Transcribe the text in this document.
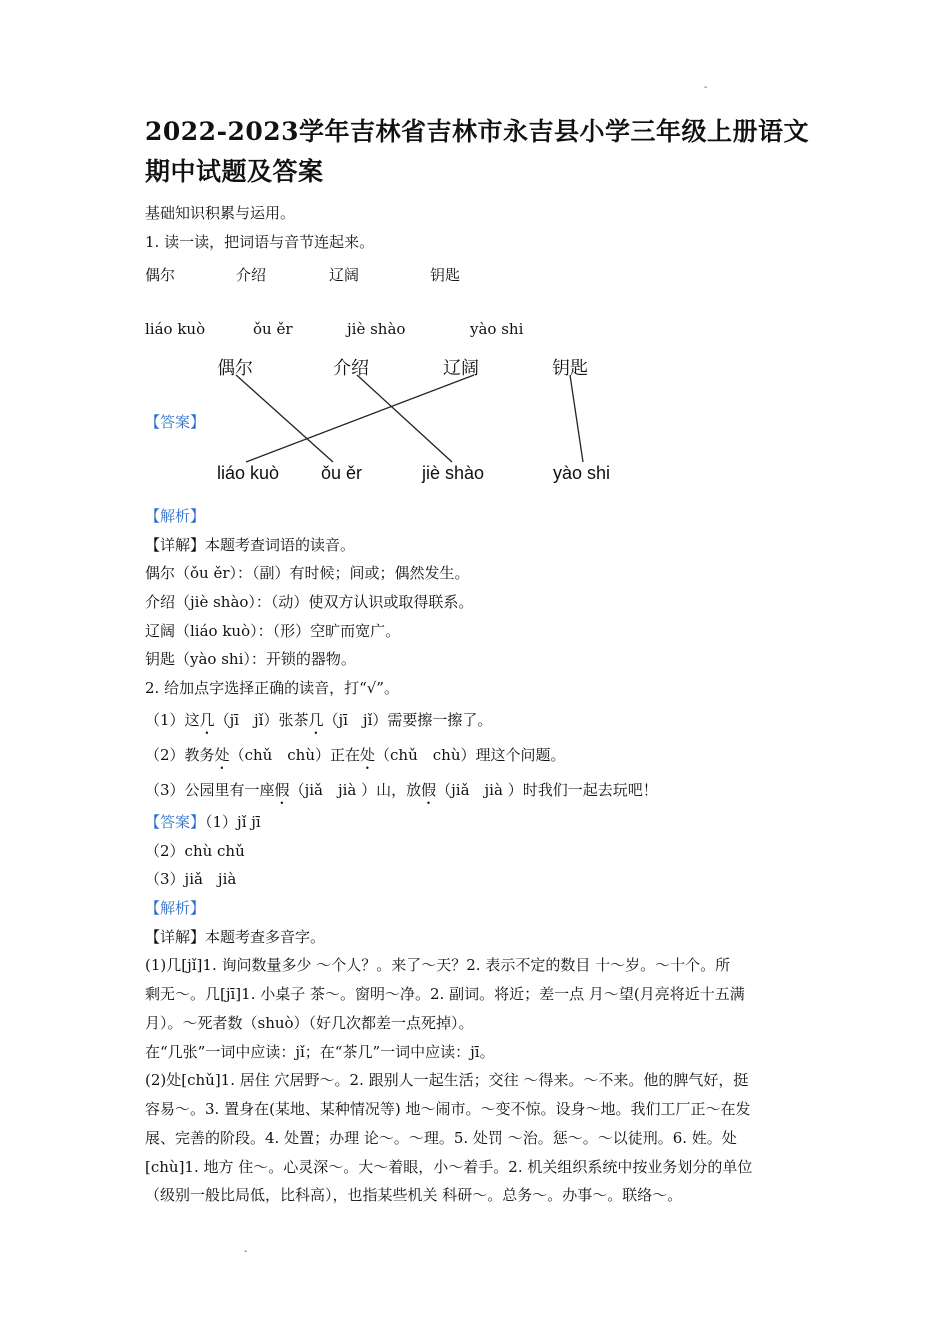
-
2022-2023学年吉林省吉林市永吉县小学三年级上册语文期中试题及答案
基础知识积累与运用。
1. 读一读，把词语与音节连起来。
偶尔	介绍	辽阔	钥匙
liáo kuò	ǒu ěr	jiè shào	yào shi
偶尔	介绍	辽阔	钥匙
liáo kuò ǒu ěr	jiè shào	yào shi
【答案】
【解析】
【详解】本题考查词语的读音。
偶尔（ǒu ěr）：（副）有时候；间或；偶然发生。
介绍（jiè shào）：（动）使双方认识或取得联系。
辽阔（liáo kuò）：（形）空旷而宽广。
钥匙（yào shi）：开锁的器物。
2. 给加点字选择正确的读音，打“√”。
（1）这几（jī　jǐ）张茶几（jī　jǐ）需要擦一擦了。
（2）教务处（chǔ　chù）正在处（chǔ　chù）理这个问题。
（3）公园里有一座假（jiǎ　jià ）山，放假（jiǎ　jià ）时我们一起去玩吧！
【答案】（1）jǐ jī
（2）chù chǔ
（3）jiǎ　jià
【解析】
【详解】本题考查多音字。
(1)几[jǐ]1. 询问数量多少 ～个人？。来了～天？2. 表示不定的数目 十～岁。～十个。所
剩无～。几[jī]1. 小桌子 茶～。窗明～净。2. 副词。将近；差一点 月～望(月亮将近十五满
月）。～死者数（shuò）（好几次都差一点死掉）。
在“几张”一词中应读：jǐ；在“茶几”一词中应读：jī。
(2)处[chǔ]1. 居住 穴居野～。2. 跟别人一起生活；交往 ～得来。～不来。他的脾气好，挺
容易～。3. 置身在(某地、某种情况等) 地～闹市。～变不惊。设身～地。我们工厂正～在发
展、完善的阶段。4. 处置；办理 论～。～理。5. 处罚 ～治。惩～。～以徒刑。6. 姓。处
[chù]1. 地方 住～。心灵深～。大～着眼，小～着手。2. 机关组织系统中按业务划分的单位
（级别一般比局低，比科高），也指某些机关 科研～。总务～。办事～。联络～。
-
